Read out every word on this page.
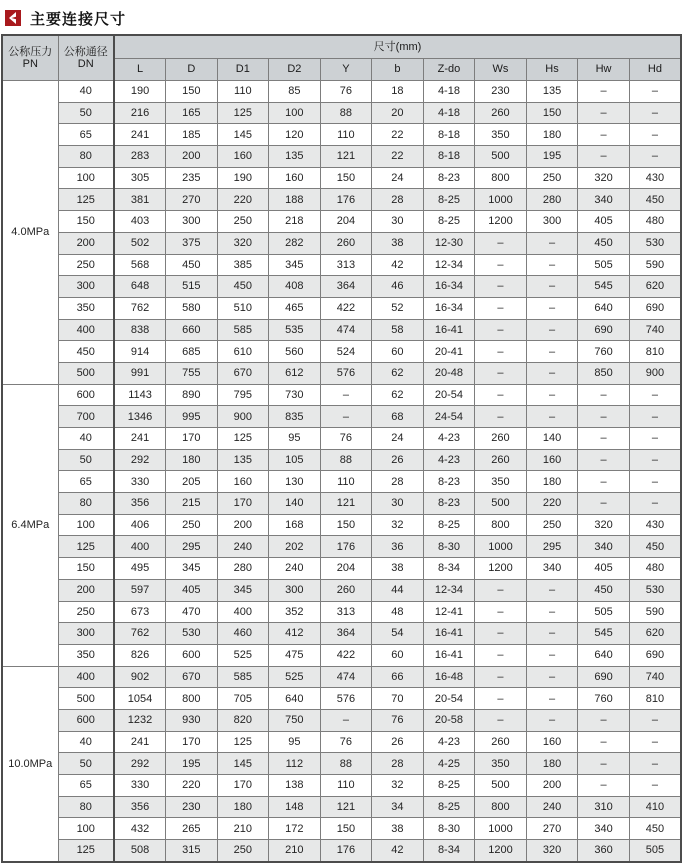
主要连接尺寸
公称压力
PN	公称通径
DN	尺寸(mm)										
		L	D	D1	D2	Y	b	Z-do	Ws	Hs	Hw	Hd
4.0MPa	40	190	150	110	85	76	18	4-18	230	135	–	–
	50	216	165	125	100	88	20	4-18	260	150	–	–
	65	241	185	145	120	110	22	8-18	350	180	–	–
	80	283	200	160	135	121	22	8-18	500	195	–	–
	100	305	235	190	160	150	24	8-23	800	250	320	430
	125	381	270	220	188	176	28	8-25	1000	280	340	450
	150	403	300	250	218	204	30	8-25	1200	300	405	480
	200	502	375	320	282	260	38	12-30	–	–	450	530
	250	568	450	385	345	313	42	12-34	–	–	505	590
	300	648	515	450	408	364	46	16-34	–	–	545	620
	350	762	580	510	465	422	52	16-34	–	–	640	690
	400	838	660	585	535	474	58	16-41	–	–	690	740
	450	914	685	610	560	524	60	20-41	–	–	760	810
	500	991	755	670	612	576	62	20-48	–	–	850	900
6.4MPa	600	1143	890	795	730	–	62	20-54	–	–	–	–
	700	1346	995	900	835	–	68	24-54	–	–	–	–
	40	241	170	125	95	76	24	4-23	260	140	–	–
	50	292	180	135	105	88	26	4-23	260	160	–	–
	65	330	205	160	130	110	28	8-23	350	180	–	–
	80	356	215	170	140	121	30	8-23	500	220	–	–
	100	406	250	200	168	150	32	8-25	800	250	320	430
	125	400	295	240	202	176	36	8-30	1000	295	340	450
	150	495	345	280	240	204	38	8-34	1200	340	405	480
	200	597	405	345	300	260	44	12-34	–	–	450	530
	250	673	470	400	352	313	48	12-41	–	–	505	590
	300	762	530	460	412	364	54	16-41	–	–	545	620
	350	826	600	525	475	422	60	16-41	–	–	640	690
10.0MPa	400	902	670	585	525	474	66	16-48	–	–	690	740
	500	1054	800	705	640	576	70	20-54	–	–	760	810
	600	1232	930	820	750	–	76	20-58	–	–	–	–
	40	241	170	125	95	76	26	4-23	260	160	–	–
	50	292	195	145	112	88	28	4-25	350	180	–	–
	65	330	220	170	138	110	32	8-25	500	200	–	–
	80	356	230	180	148	121	34	8-25	800	240	310	410
	100	432	265	210	172	150	38	8-30	1000	270	340	450
	125	508	315	250	210	176	42	8-34	1200	320	360	505
